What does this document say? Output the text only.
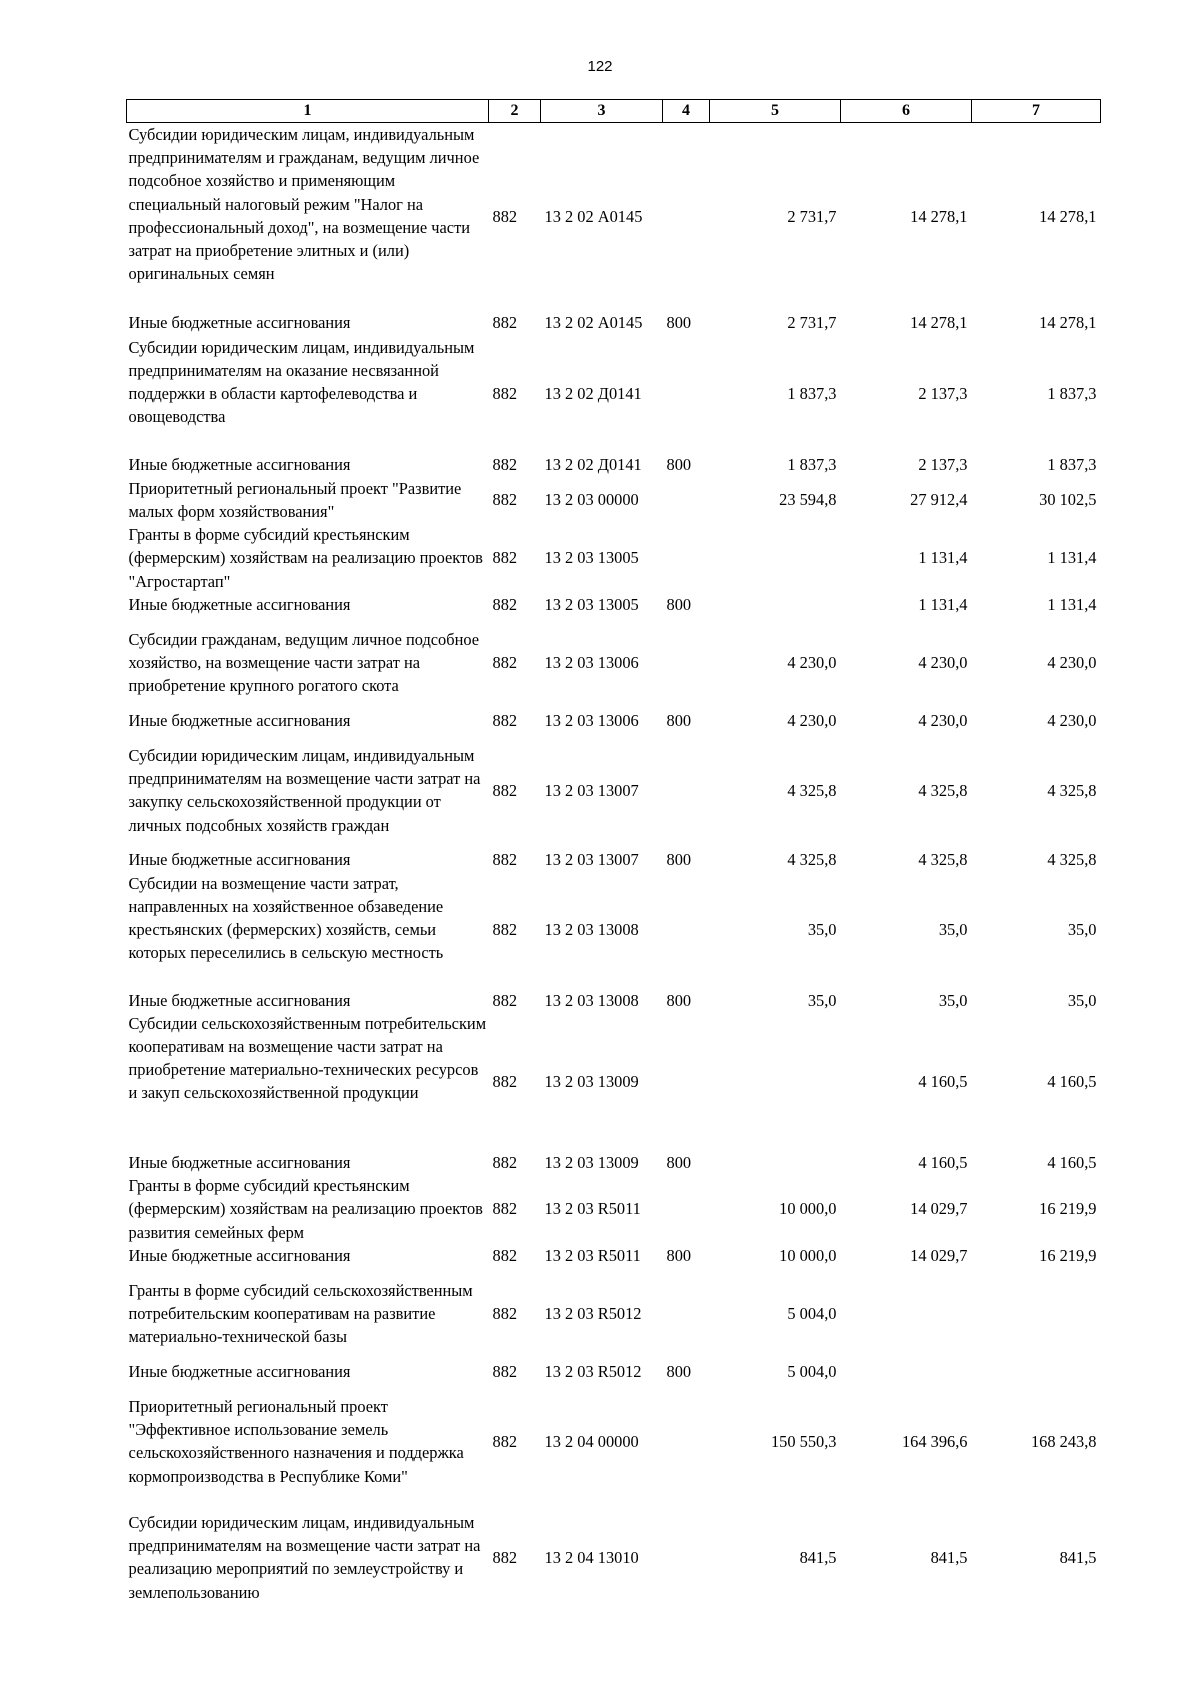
122
1	2	3	4	5	6	7
Субсидии юридическим лицам, индивидуальным предпринимателям и гражданам, ведущим личное подсобное хозяйство и применяющим специальный налоговый режим "Налог на профессиональный доход", на возмещение части затрат на приобретение элитных и (или) оригинальных семян	882	13 2 02 А0145		2 731,7	14 278,1	14 278,1
Иные бюджетные ассигнования	882	13 2 02 А0145	800	2 731,7	14 278,1	14 278,1
Субсидии юридическим лицам, индивидуальным предпринимателям на оказание несвязанной поддержки в области картофелеводства и овощеводства	882	13 2 02 Д0141		1 837,3	2 137,3	1 837,3
Иные бюджетные ассигнования	882	13 2 02 Д0141	800	1 837,3	2 137,3	1 837,3
Приоритетный региональный проект "Развитие малых форм хозяйствования"	882	13 2 03 00000		23 594,8	27 912,4	30 102,5
Гранты в форме субсидий крестьянским (фермерским) хозяйствам на реализацию проектов "Агростартап"	882	13 2 03 13005			1 131,4	1 131,4
Иные бюджетные ассигнования	882	13 2 03 13005	800		1 131,4	1 131,4
Субсидии гражданам, ведущим личное подсобное хозяйство, на возмещение части затрат на приобретение крупного рогатого скота	882	13 2 03 13006		4 230,0	4 230,0	4 230,0
Иные бюджетные ассигнования	882	13 2 03 13006	800	4 230,0	4 230,0	4 230,0
Субсидии юридическим лицам, индивидуальным предпринимателям на возмещение части затрат на закупку сельскохозяйственной продукции от личных подсобных хозяйств граждан	882	13 2 03 13007		4 325,8	4 325,8	4 325,8
Иные бюджетные ассигнования	882	13 2 03 13007	800	4 325,8	4 325,8	4 325,8
Субсидии на возмещение части затрат, направленных на хозяйственное обзаведение крестьянских (фермерских) хозяйств, семьи которых переселились в сельскую местность	882	13 2 03 13008		35,0	35,0	35,0
Иные бюджетные ассигнования	882	13 2 03 13008	800	35,0	35,0	35,0
Субсидии сельскохозяйственным потребительским кооперативам на возмещение части затрат на приобретение материально-технических ресурсов и закуп сельскохозяйственной продукции	882	13 2 03 13009			4 160,5	4 160,5
Иные бюджетные ассигнования	882	13 2 03 13009	800		4 160,5	4 160,5
Гранты в форме субсидий крестьянским (фермерским) хозяйствам на реализацию проектов развития семейных ферм	882	13 2 03 R5011		10 000,0	14 029,7	16 219,9
Иные бюджетные ассигнования	882	13 2 03 R5011	800	10 000,0	14 029,7	16 219,9
Гранты в форме субсидий сельскохозяйственным потребительским кооперативам на развитие материально-технической базы	882	13 2 03 R5012		5 004,0		
Иные бюджетные ассигнования	882	13 2 03 R5012	800	5 004,0		
Приоритетный региональный проект "Эффективное использование земель сельскохозяйственного назначения и поддержка кормопроизводства в Республике Коми"	882	13 2 04 00000		150 550,3	164 396,6	168 243,8
Субсидии юридическим лицам, индивидуальным предпринимателям на возмещение части затрат на реализацию мероприятий по землеустройству и землепользованию	882	13 2 04 13010		841,5	841,5	841,5
